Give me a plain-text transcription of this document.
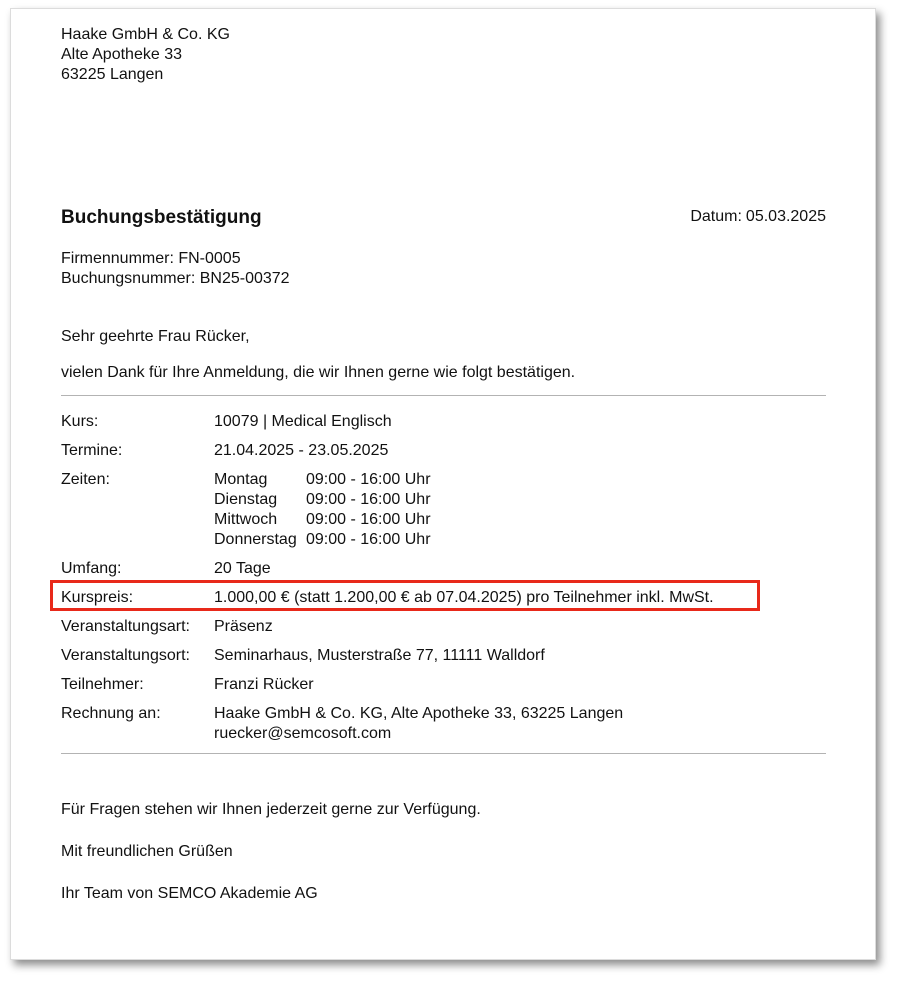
Haake GmbH & Co. KG
Alte Apotheke 33
63225 Langen
Buchungsbestätigung	Datum: 05.03.2025
Firmennummer: FN-0005
Buchungsnummer: BN25-00372
Sehr geehrte Frau Rücker,
vielen Dank für Ihre Anmeldung, die wir Ihnen gerne wie folgt bestätigen.
Kurs:	10079 | Medical Englisch
Termine:	21.04.2025 - 23.05.2025
Zeiten:	Montag	09:00 - 16:00 Uhr
Dienstag	09:00 - 16:00 Uhr
Mittwoch	09:00 - 16:00 Uhr
Donnerstag	09:00 - 16:00 Uhr
Umfang:	20 Tage
Kurspreis:	1.000,00 € (statt 1.200,00 € ab 07.04.2025) pro Teilnehmer inkl. MwSt.
Veranstaltungsart:	Präsenz
Veranstaltungsort:	Seminarhaus, Musterstraße 77, 11111 Walldorf
Teilnehmer:	Franzi Rücker
Rechnung an:	Haake GmbH & Co. KG, Alte Apotheke 33, 63225 Langen
ruecker@semcosoft.com
Für Fragen stehen wir Ihnen jederzeit gerne zur Verfügung.
Mit freundlichen Grüßen
Ihr Team von SEMCO Akademie AG
